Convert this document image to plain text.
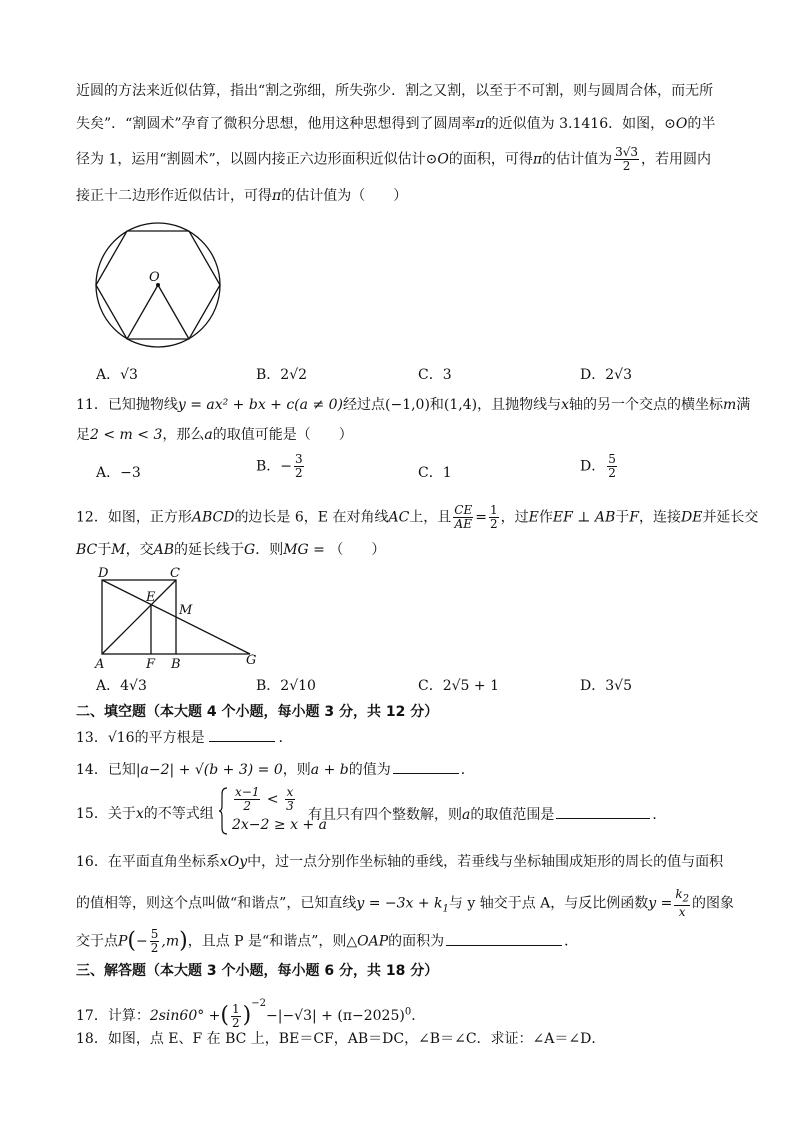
近圆的方法来近似估算，指出“割之弥细，所失弥少．割之又割，以至于不可割，则与圆周合体，而无所
失矣”．“割圆术”孕育了微积分思想，他用这种思想得到了圆周率π的近似值为 3.1416．如图，⊙O的半
径为 1，运用“割圆术”，以圆内接正六边形面积近似估计⊙O的面积，可得π的估计值为 $\frac{3√3}{2}$ ，若用圆内
接正十二边形作近似估计，可得π的估计值为（　　）
O
A．√3	B．2√2	C．3	D．2√3
11．已知抛物线y = ax² + bx + c(a ≠ 0)经过点(−1,0)和(1,4)，且抛物线与x轴的另一个交点的横坐标m满
足2 < m < 3，那么a的取值可能是（　　）
A．−3	B．− $\frac{3}{2}$	C．1	D． $\frac{5}{2}$
12．如图，正方形ABCD的边长是 6，E 在对角线AC上，且 $\frac{CE}{AE} = \frac{1}{2}$ ，过E作EF ⊥ AB于F，连接DE并延长交
BC于M，交AB的延长线于G．则MG = （　　）
D	C
E
M
A	F B	G
A．4√3	B．2√10	C．2√5 + 1	D．3√5
二、填空题（本大题 4 个小题，每小题 3 分，共 12 分）
13．√16的平方根是	．
14．已知|a−2| + √(b + 3) = 0，则a + b的值为	．
15．关于x的不等式组
$\frac{x-1}{2} < \frac{x}{3}$
2x−2 ≥ x + a
有且只有四个整数解，则a的取值范围是	．
16．在平面直角坐标系xOy中，过一点分别作坐标轴的垂线，若垂线与坐标轴围成矩形的周长的值与面积
的值相等，则这个点叫做“和谐点”，已知直线$y = -3x + k_1$与 y 轴交于点 A，与反比例函数$y = \frac{k_2}{x}$ 的图象
交于点$P(- \frac{5}{2} ,m)$，且点 P 是“和谐点”，则△OAP的面积为	．
三、解答题（本大题 3 个小题，每小题 6 分，共 18 分）
17．计算：2sin60° +( $\frac{1}{2} )^{-2}-|-√3| + (\pi-2025)^0$．
18．如图，点 E、F 在 BC 上，BE＝CF，AB＝DC，∠B＝∠C．求证：∠A＝∠D．
